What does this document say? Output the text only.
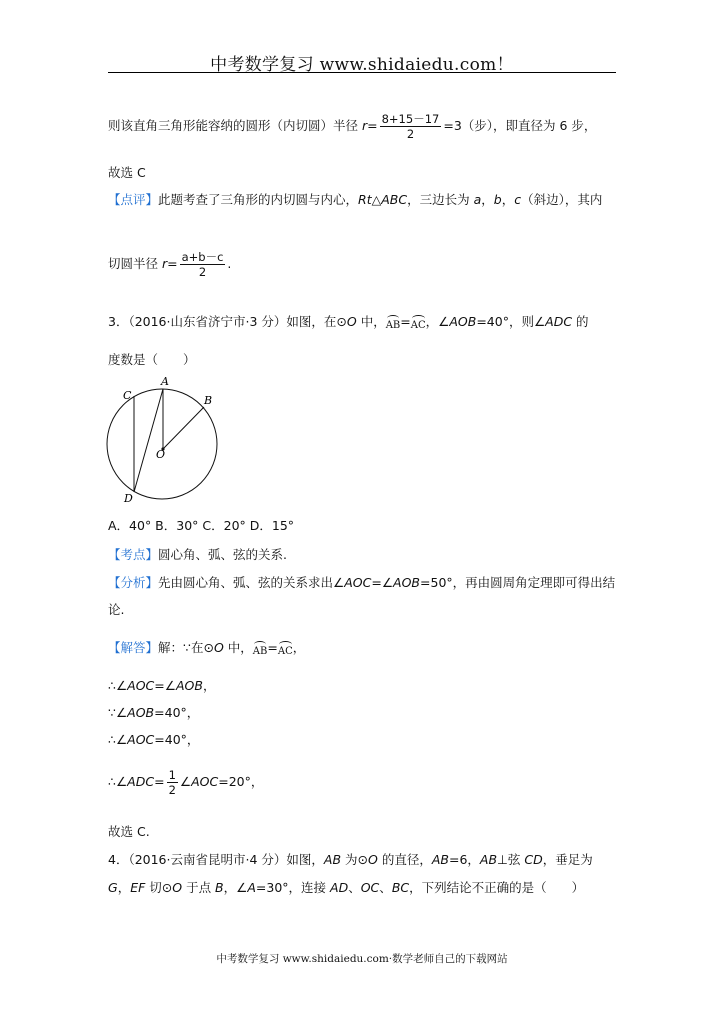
中考数学复习 www.shidaiedu.com！
则该直角三角形能容纳的圆形（内切圆）半径 $r= \frac{8+15-17}{2} =3$（步），即直径为 6 步，
故选 C
【点评】此题考查了三角形的内切圆与内心，Rt△ABC，三边长为 a，b，c（斜边），其内
切圆半径 $r= \frac{a+b-c}{2}$ .
3．（2016·山东省济宁市·3 分）如图，在⊙O 中，AB=AC，∠AOB=40°，则∠ADC 的
度数是（　　）
A
B
C
D
O
A．40° B．30° C．20° D．15°
【考点】圆心角、弧、弦的关系.
【分析】先由圆心角、弧、弦的关系求出∠AOC=∠AOB=50°，再由圆周角定理即可得出结
论.
【解答】解：∵在⊙O 中，AB=AC，
∴∠AOC=∠AOB，
∵∠AOB=40°，
∴∠AOC=40°，
∴∠ADC= $\frac{1}{2}$ ∠AOC=20°，
故选 C.
4．（2016·云南省昆明市·4 分）如图，AB 为⊙O 的直径，AB=6，AB⊥弦 CD，垂足为
G，EF 切⊙O 于点 B，∠A=30°，连接 AD、OC、BC，下列结论不正确的是（　　）
中考数学复习 www.shidaiedu.com·数学老师自己的下载网站
